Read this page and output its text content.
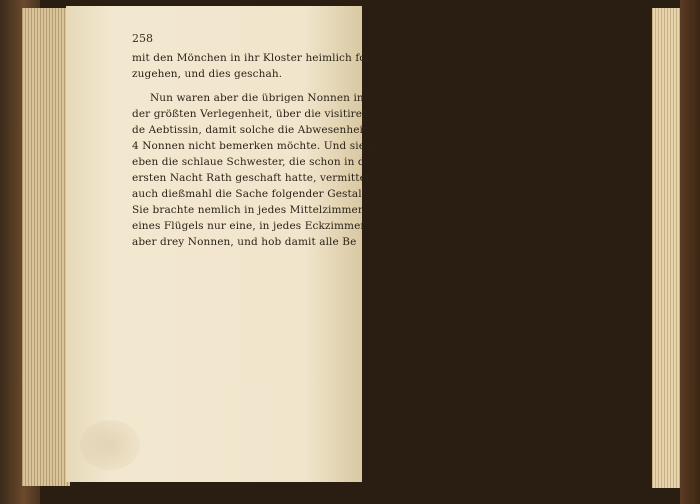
258
mit den Mönchen in ihr Kloster heimlich fort
zugehen, und dies geschah.
Nun waren aber die übrigen Nonnen in
der größten Verlegenheit, über die visitiren
de Aebtissin, damit solche die Abwesenheit der
4 Nonnen nicht bemerken möchte. Und siehe!
eben die schlaue Schwester, die schon in der
ersten Nacht Rath geschaft hatte, vermittelte
auch dießmahl die Sache folgender Gestalt.
Sie brachte nemlich in jedes Mittelzimmer
eines Flügels nur eine, in jedes Eckzimmer
aber drey Nonnen, und hob damit alle Be
